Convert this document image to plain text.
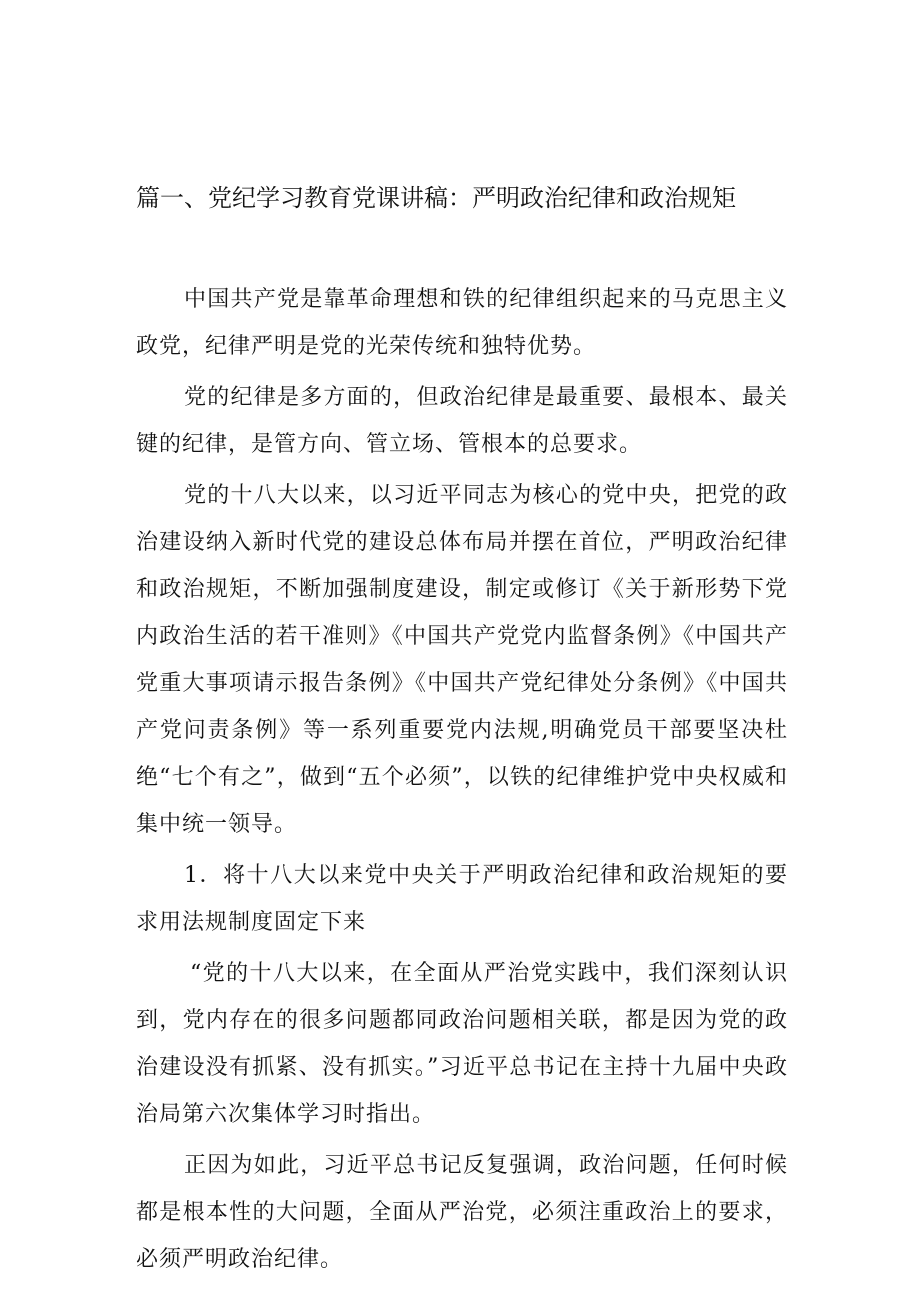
篇一、党纪学习教育党课讲稿：严明政治纪律和政治规矩

中国共产党是靠革命理想和铁的纪律组织起来的马克思主义政党，纪律严明是党的光荣传统和独特优势。

党的纪律是多方面的，但政治纪律是最重要、最根本、最关键的纪律，是管方向、管立场、管根本的总要求。

党的十八大以来，以习近平同志为核心的党中央，把党的政治建设纳入新时代党的建设总体布局并摆在首位，严明政治纪律和政治规矩，不断加强制度建设，制定或修订《关于新形势下党内政治生活的若干准则》《中国共产党党内监督条例》《中国共产党重大事项请示报告条例》《中国共产党纪律处分条例》《中国共产党问责条例》等一系列重要党内法规,明确党员干部要坚决杜绝“七个有之”，做到“五个必须”，以铁的纪律维护党中央权威和集中统一领导。

1．将十八大以来党中央关于严明政治纪律和政治规矩的要求用法规制度固定下来

“党的十八大以来，在全面从严治党实践中，我们深刻认识到，党内存在的很多问题都同政治问题相关联，都是因为党的政治建设没有抓紧、没有抓实。”习近平总书记在主持十九届中央政治局第六次集体学习时指出。

正因为如此，习近平总书记反复强调，政治问题，任何时候都是根本性的大问题，全面从严治党，必须注重政治上的要求，必须严明政治纪律。
